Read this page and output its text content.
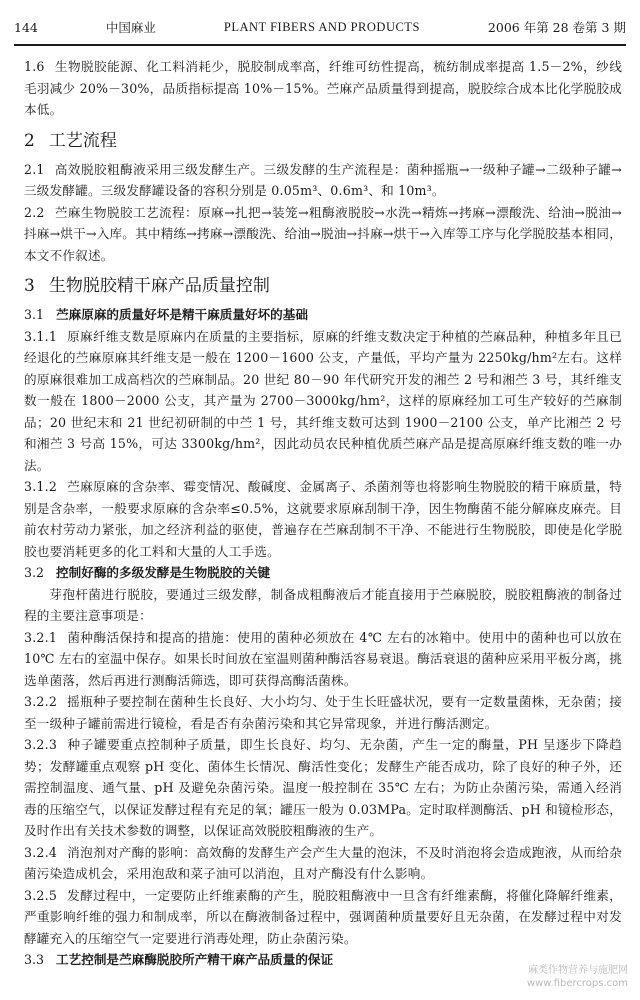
144	中国麻业	PLANT FIBERS AND PRODUCTS	2006 年第 28 卷第 3 期

1.6 生物脱胶能源、化工料消耗少，脱胶制成率高，纤维可纺性提高，梳纺制成率提高 1.5－2%，纱线毛羽减少 20%－30%，品质指标提高 10%－15%。苎麻产品质量得到提高，脱胶综合成本比化学脱胶成本低。

2 工艺流程

2.1 高效脱胶粗酶液采用三级发酵生产。三级发酵的生产流程是：菌种摇瓶→一级种子罐→二级种子罐→三级发酵罐。三级发酵罐设备的容积分别是 0.05m³、0.6m³、和 10m³。

2.2 苎麻生物脱胶工艺流程：原麻→扎把→装笼→粗酶液脱胶→水洗→精炼→拷麻→漂酸洗、给油→脱油→抖麻→烘干→入库。其中精练→拷麻→漂酸洗、给油→脱油→抖麻→烘干→入库等工序与化学脱胶基本相同，本文不作叙述。

3 生物脱胶精干麻产品质量控制
3.1 苎麻原麻的质量好坏是精干麻质量好坏的基础

3.1.1 原麻纤维支数是原麻内在质量的主要指标，原麻的纤维支数决定于种植的苎麻品种，种植多年且已经退化的苎麻原麻其纤维支是一般在 1200－1600 公支，产量低，平均产量为 2250kg/hm²左右。这样的原麻很难加工成高档次的苎麻制品。20 世纪 80－90 年代研究开发的湘苎 2 号和湘苎 3 号，其纤维支数一般在 1800－2000 公支，其产量为 2700－3000kg/hm²，这样的原麻经加工可生产较好的苎麻制品；20 世纪末和 21 世纪初研制的中苎 1 号，其纤维支数可达到 1900－2100 公支，单产比湘苎 2 号和湘苎 3 号高 15%，可达 3300kg/hm²，因此动员农民种植优质苎麻产品是提高原麻纤维支数的唯一办法。

3.1.2 苎麻原麻的含杂率、霉变情况、酸碱度、金属离子、杀菌剂等也将影响生物脱胶的精干麻质量，特别是含杂率，一般要求原麻的含杂率≤0.5%，这就要求原麻刮制干净，因生物酶菌不能分解麻皮麻壳。目前农村劳动力紧张，加之经济利益的驱使，普遍存在苎麻刮制不干净、不能进行生物脱胶，即使是化学脱胶也要消耗更多的化工料和大量的人工手选。

3.2 控制好酶的多级发酵是生物脱胶的关键

芽孢杆菌进行脱胶，要通过三级发酵，制备成粗酶液后才能直接用于苎麻脱胶，脱胶粗酶液的制备过程的主要注意事项是：

3.2.1 菌种酶活保持和提高的措施：使用的菌种必须放在 4℃ 左右的冰箱中。使用中的菌种也可以放在 10℃ 左右的室温中保存。如果长时间放在室温则菌种酶活容易衰退。酶活衰退的菌种应采用平板分离，挑选单菌落，然后再进行测酶活筛选，即可获得高酶活菌株。

3.2.2 摇瓶种子要控制在菌种生长良好、大小均匀、处于生长旺盛状况，要有一定数量菌株，无杂菌；接至一级种子罐前需进行镜检，看是否有杂菌污染和其它异常现象，并进行酶活测定。

3.2.3 种子罐要重点控制种子质量，即生长良好、均匀、无杂菌，产生一定的酶量，PH 呈逐步下降趋势；发酵罐重点观察 pH 变化、菌体生长情况、酶活性变化；发酵生产能否成功，除了良好的种子外，还需控制温度、通气量、pH 及避免杂菌污染。温度一般控制在 35℃ 左右；为防止杂菌污染，需通入经消毒的压缩空气，以保证发酵过程有充足的氧；罐压一般为 0.03MPa。定时取样测酶活、pH 和镜检形态，及时作出有关技术参数的调整，以保证高效脱胶粗酶液的生产。

3.2.4 消泡剂对产酶的影响：高效酶的发酵生产会产生大量的泡沫，不及时消泡将会造成跑液，从而给杂菌污染造成机会，采用泡敌和菜子油可以消泡，且对产酶没有什么影响。

3.2.5 发酵过程中，一定要防止纤维素酶的产生，脱胶粗酶液中一旦含有纤维素酶，将催化降解纤维素，严重影响纤维的强力和制成率，所以在酶液制备过程中，强调菌种质量要好且无杂菌，在发酵过程中对发酵罐充入的压缩空气一定要进行消毒处理，防止杂菌污染。

3.3 工艺控制是苎麻酶脱胶所产精干麻产品质量的保证
麻类作物营养与施肥网
www.fibercrops.com
